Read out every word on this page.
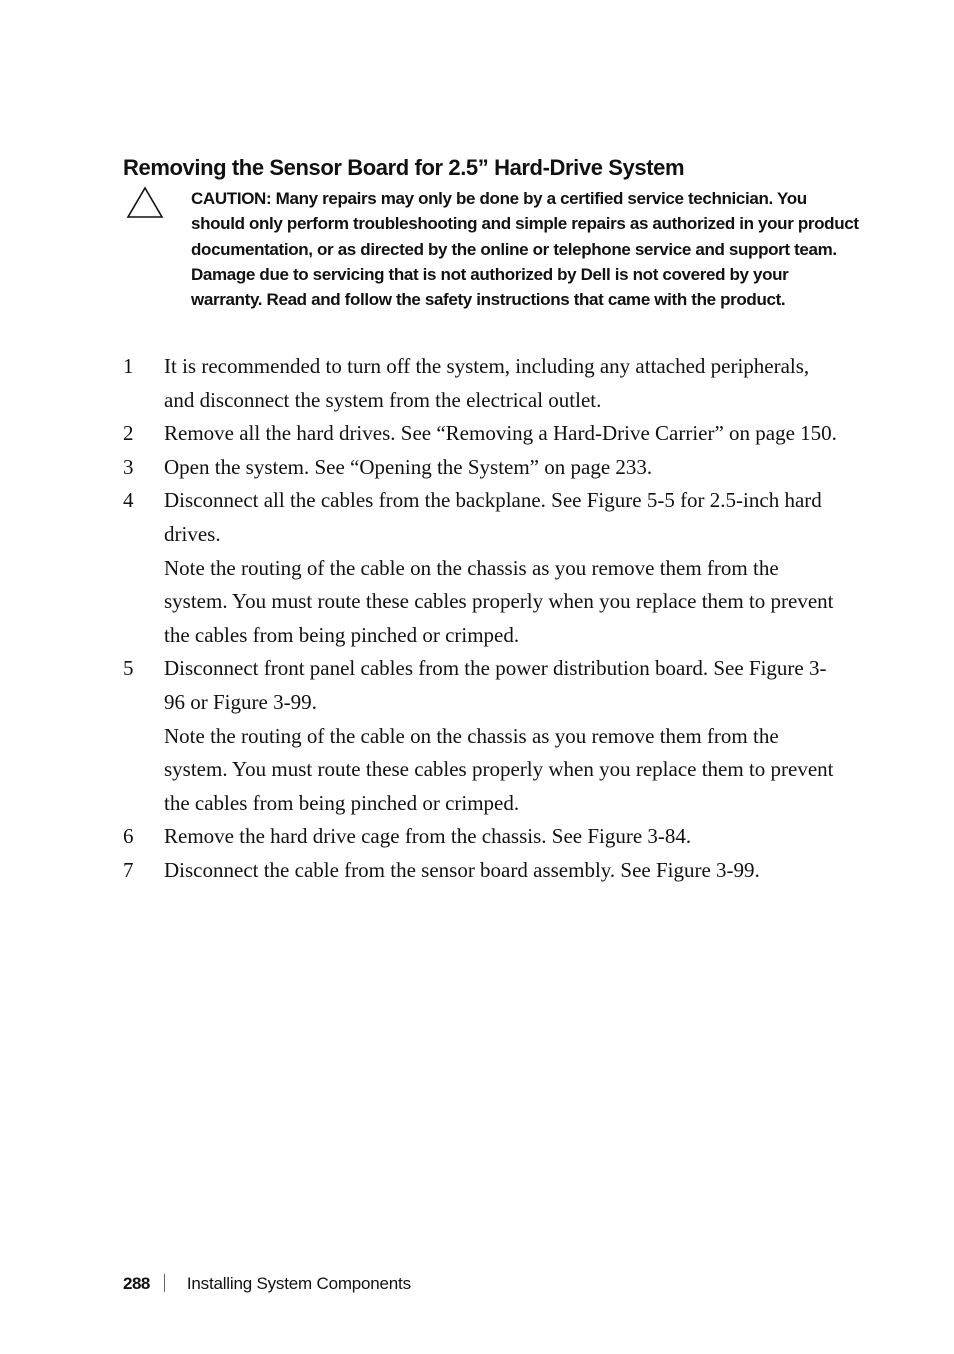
Removing the Sensor Board for 2.5” Hard-Drive System

CAUTION: Many repairs may only be done by a certified service technician. You should only perform troubleshooting and simple repairs as authorized in your product documentation, or as directed by the online or telephone service and support team. Damage due to servicing that is not authorized by Dell is not covered by your warranty. Read and follow the safety instructions that came with the product.

1 It is recommended to turn off the system, including any attached peripherals, and disconnect the system from the electrical outlet.
2 Remove all the hard drives. See “Removing a Hard-Drive Carrier” on page 150.
3 Open the system. See “Opening the System” on page 233.
4 Disconnect all the cables from the backplane. See Figure 5-5 for 2.5-inch hard drives.
Note the routing of the cable on the chassis as you remove them from the system. You must route these cables properly when you replace them to prevent the cables from being pinched or crimped.
5 Disconnect front panel cables from the power distribution board. See Figure 3-96 or Figure 3-99.
Note the routing of the cable on the chassis as you remove them from the system. You must route these cables properly when you replace them to prevent the cables from being pinched or crimped.
6 Remove the hard drive cage from the chassis. See Figure 3-84.
7 Disconnect the cable from the sensor board assembly. See Figure 3-99.
288 Installing System Components
